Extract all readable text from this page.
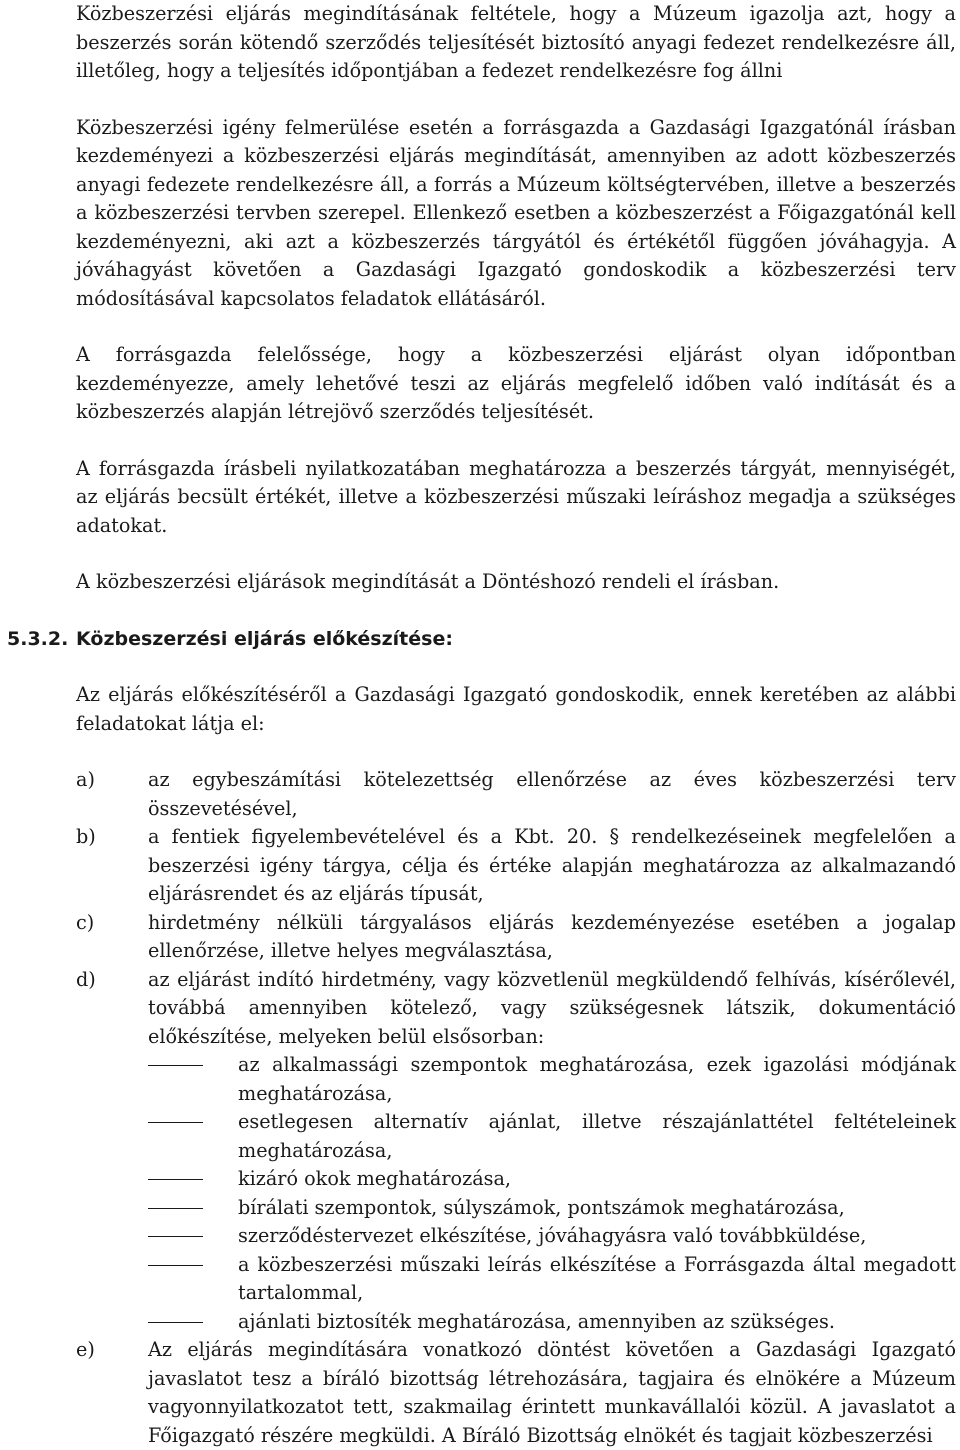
Közbeszerzési eljárás megindításának feltétele, hogy a Múzeum igazolja azt, hogy a beszerzés során kötendő szerződés teljesítését biztosító anyagi fedezet rendelkezésre áll, illetőleg, hogy a teljesítés időpontjában a fedezet rendelkezésre fog állni

Közbeszerzési igény felmerülése esetén a forrásgazda a Gazdasági Igazgatónál írásban kezdeményezi a közbeszerzési eljárás megindítását, amennyiben az adott közbeszerzés anyagi fedezete rendelkezésre áll, a forrás a Múzeum költségtervében, illetve a beszerzés a közbeszerzési tervben szerepel. Ellenkező esetben a közbeszerzést a Főigazgatónál kell kezdeményezni, aki azt a közbeszerzés tárgyától és értékétől függően jóváhagyja. A jóváhagyást követően a Gazdasági Igazgató gondoskodik a közbeszerzési terv módosításával kapcsolatos feladatok ellátásáról.

A forrásgazda felelőssége, hogy a közbeszerzési eljárást olyan időpontban kezdeményezze, amely lehetővé teszi az eljárás megfelelő időben való indítását és a közbeszerzés alapján létrejövő szerződés teljesítését.

A forrásgazda írásbeli nyilatkozatában meghatározza a beszerzés tárgyát, mennyiségét, az eljárás becsült értékét, illetve a közbeszerzési műszaki leíráshoz megadja a szükséges adatokat.

A közbeszerzési eljárások megindítását a Döntéshozó rendeli el írásban.

5.3.2. Közbeszerzési eljárás előkészítése:

Az eljárás előkészítéséről a Gazdasági Igazgató gondoskodik, ennek keretében az alábbi feladatokat látja el:

a)	az egybeszámítási kötelezettség ellenőrzése az éves közbeszerzési terv összevetésével,
b)	a fentiek figyelembevételével és a Kbt. 20. § rendelkezéseinek megfelelően a beszerzési igény tárgya, célja és értéke alapján meghatározza az alkalmazandó eljárásrendet és az eljárás típusát,
c)	hirdetmény nélküli tárgyalásos eljárás kezdeményezése esetében a jogalap ellenőrzése, illetve helyes megválasztása,
d)	az eljárást indító hirdetmény, vagy közvetlenül megküldendő felhívás, kísérőlevél, továbbá amennyiben kötelező, vagy szükségesnek látszik, dokumentáció előkészítése, melyeken belül elsősorban:
az alkalmassági szempontok meghatározása, ezek igazolási módjának meghatározása,
esetlegesen alternatív ajánlat, illetve részajánlattétel feltételeinek meghatározása,
kizáró okok meghatározása,
bírálati szempontok, súlyszámok, pontszámok meghatározása,
szerződéstervezet elkészítése, jóváhagyásra való továbbküldése,
a közbeszerzési műszaki leírás elkészítése a Forrásgazda által megadott tartalommal,
ajánlati biztosíték meghatározása, amennyiben az szükséges.
e)	Az eljárás megindítására vonatkozó döntést követően a Gazdasági Igazgató javaslatot tesz a bíráló bizottság létrehozására, tagjaira és elnökére a Múzeum vagyonnyilatkozatot tett, szakmailag érintett munkavállalói közül. A javaslatot a Főigazgató részére megküldi. A Bíráló Bizottság elnökét és tagjait közbeszerzési
